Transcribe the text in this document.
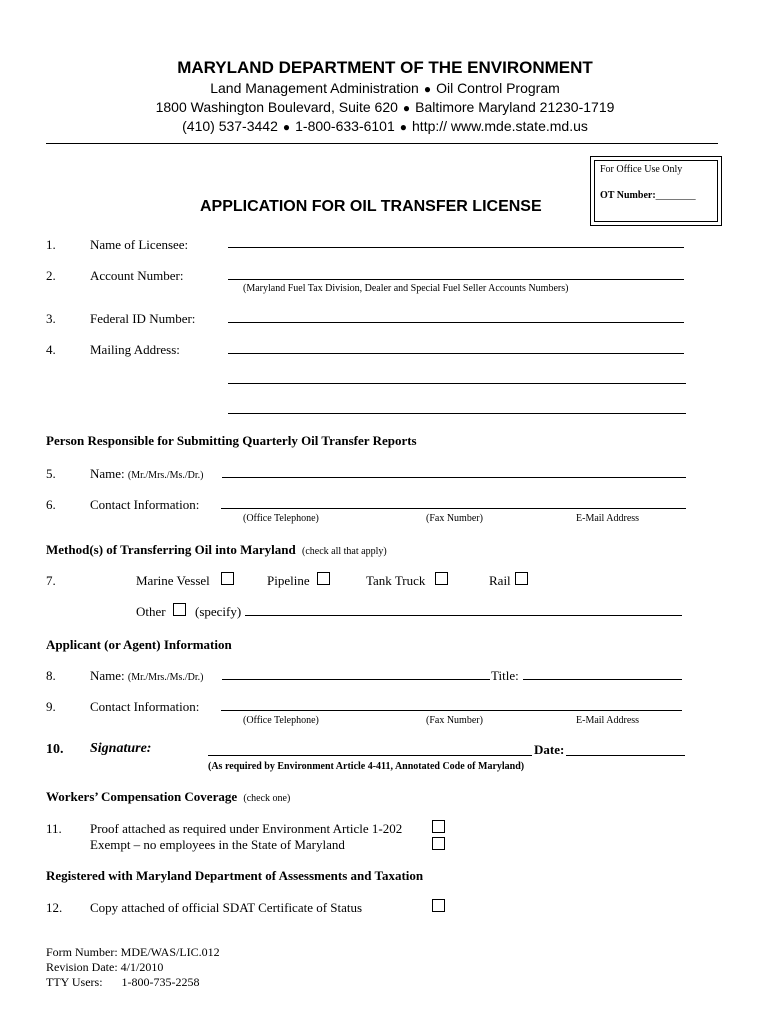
MARYLAND DEPARTMENT OF THE ENVIRONMENT
Land Management Administration ● Oil Control Program
1800 Washington Boulevard, Suite 620 ● Baltimore Maryland 21230-1719
(410) 537-3442 ● 1-800-633-6101 ● http:// www.mde.state.md.us
For Office Use Only
OT Number:________
APPLICATION FOR OIL TRANSFER LICENSE
1.	Name of Licensee:
2.	Account Number:
(Maryland Fuel Tax Division, Dealer and Special Fuel Seller Accounts Numbers)
3.	Federal ID Number:
4.	Mailing Address:
Person Responsible for Submitting Quarterly Oil Transfer Reports
5.	Name: (Mr./Mrs./Ms./Dr.)
6.	Contact Information:
(Office Telephone)	(Fax Number)	E-Mail Address
Method(s) of Transferring Oil into Maryland (check all that apply)
7.	Marine Vessel	Pipeline	Tank Truck	Rail
Other (specify)
Applicant (or Agent) Information
8.	Name: (Mr./Mrs./Ms./Dr.)	Title:
9.	Contact Information:
(Office Telephone)	(Fax Number)	E-Mail Address
10. Signature:	Date:
(As required by Environment Article 4-411, Annotated Code of Maryland)
Workers’ Compensation Coverage (check one)
11. Proof attached as required under Environment Article 1-202
Exempt – no employees in the State of Maryland
Registered with Maryland Department of Assessments and Taxation
12. Copy attached of official SDAT Certificate of Status
Form Number: MDE/WAS/LIC.012
Revision Date: 4/1/2010
TTY Users: 1-800-735-2258
